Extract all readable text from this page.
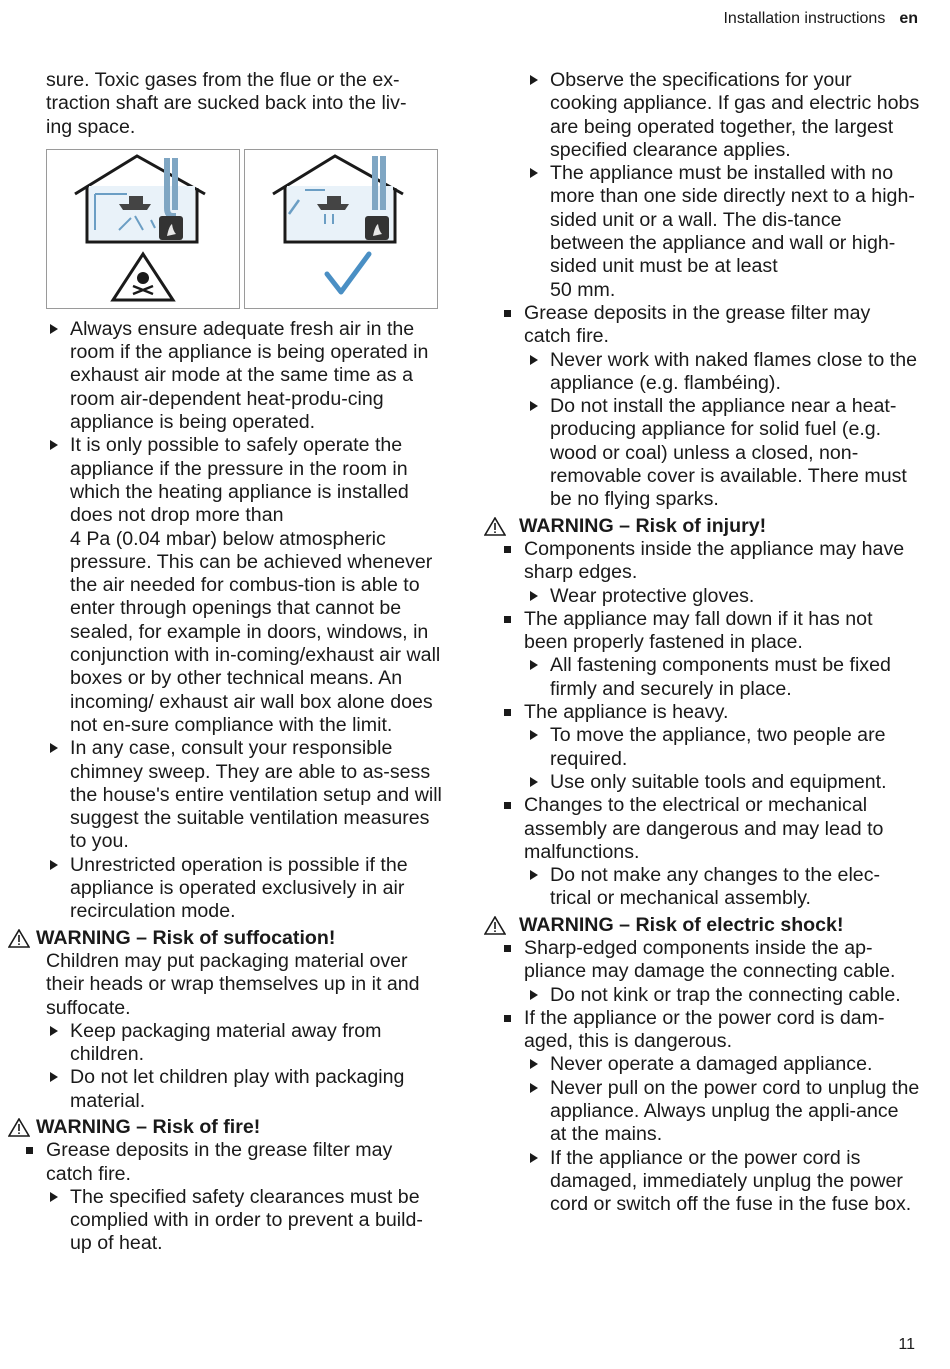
Installation instructions en

sure. Toxic gases from the flue or the ex-
traction shaft are sucked back into the liv-
ing space.

Always ensure adequate fresh air in the room if the appliance is being operated in exhaust air mode at the same time as a room air-dependent heat-produ-cing appliance is being operated.

It is only possible to safely operate the appliance if the pressure in the room in which the heating appliance is installed does not drop more than
4 Pa (0.04 mbar) below atmospheric pressure. This can be achieved whenever the air needed for combus-tion is able to enter through openings that cannot be sealed, for example in doors, windows, in conjunction with in-coming/exhaust air wall boxes or by other technical means. An incoming/ exhaust air wall box alone does not en-sure compliance with the limit.

In any case, consult your responsible chimney sweep. They are able to as-sess the house's entire ventilation setup and will suggest the suitable ventilation measures to you.

Unrestricted operation is possible if the appliance is operated exclusively in air recirculation mode.

WARNING – Risk of suffocation!

Children may put packaging material over their heads or wrap themselves up in it and suffocate.

Keep packaging material away from children.

Do not let children play with packaging material.

WARNING – Risk of fire!

Grease deposits in the grease filter may catch fire.

The specified safety clearances must be complied with in order to prevent a build-up of heat.

Observe the specifications for your cooking appliance. If gas and electric hobs are being operated together, the largest specified clearance applies.

The appliance must be installed with no more than one side directly next to a high-sided unit or a wall. The dis-tance between the appliance and wall or high-sided unit must be at least
50 mm.

Grease deposits in the grease filter may catch fire.

Never work with naked flames close to the appliance (e.g. flambéing).

Do not install the appliance near a heat-producing appliance for solid fuel (e.g. wood or coal) unless a closed, non-removable cover is available. There must be no flying sparks.

WARNING – Risk of injury!

Components inside the appliance may have sharp edges.

Wear protective gloves.

The appliance may fall down if it has not been properly fastened in place.

All fastening components must be fixed firmly and securely in place.

The appliance is heavy.

To move the appliance, two people are required.

Use only suitable tools and equipment.

Changes to the electrical or mechanical assembly are dangerous and may lead to malfunctions.

Do not make any changes to the elec-trical or mechanical assembly.

WARNING – Risk of electric shock!

Sharp-edged components inside the ap-pliance may damage the connecting cable.

Do not kink or trap the connecting cable.

If the appliance or the power cord is dam-aged, this is dangerous.

Never operate a damaged appliance.

Never pull on the power cord to unplug the appliance. Always unplug the appli-ance at the mains.

If the appliance or the power cord is damaged, immediately unplug the power cord or switch off the fuse in the fuse box.

11
